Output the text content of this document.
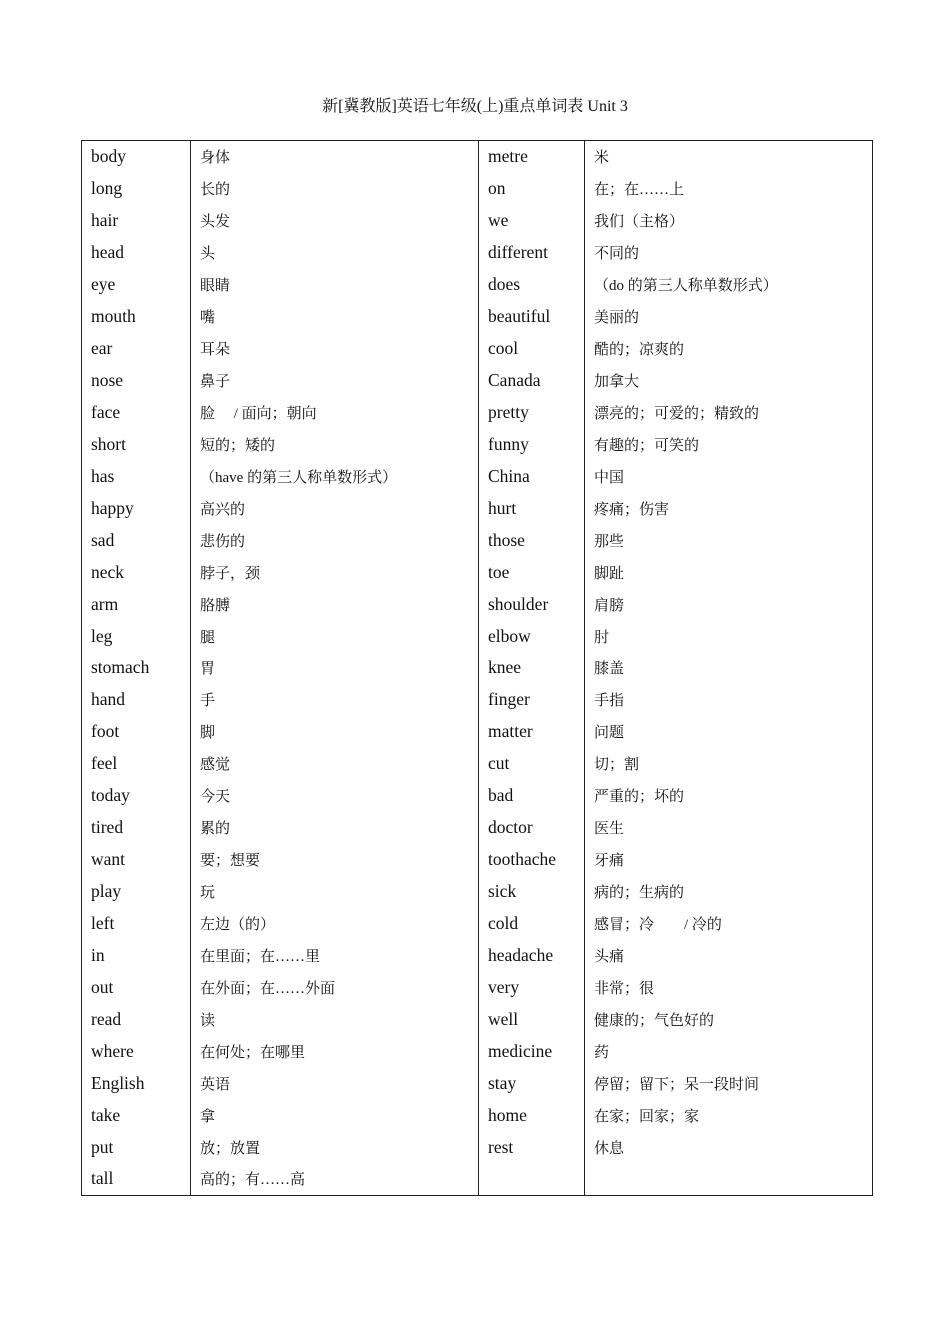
新[冀教版]英语七年级(上)重点单词表 Unit 3
body	身体	metre	米
long	长的	on	在；在……上
hair	头发	we	我们（主格）
head	头	different	不同的
eye	眼睛	does	（do 的第三人称单数形式）
mouth	嘴	beautiful	美丽的
ear	耳朵	cool	酷的；凉爽的
nose	鼻子	Canada	加拿大
face	脸　 / 面向；朝向	pretty	漂亮的；可爱的；精致的
short	短的；矮的	funny	有趣的；可笑的
has	（have 的第三人称单数形式）	China	中国
happy	高兴的	hurt	疼痛；伤害
sad	悲伤的	those	那些
neck	脖子，颈	toe	脚趾
arm	胳膊	shoulder	肩膀
leg	腿	elbow	肘
stomach	胃	knee	膝盖
hand	手	finger	手指
foot	脚	matter	问题
feel	感觉	cut	切；割
today	今天	bad	严重的；坏的
tired	累的	doctor	医生
want	要；想要	toothache	牙痛
play	玩	sick	病的；生病的
left	左边（的）	cold	感冒；冷　　/ 冷的
in	在里面；在……里	headache	头痛
out	在外面；在……外面	very	非常；很
read	读	well	健康的；气色好的
where	在何处；在哪里	medicine	药
English	英语	stay	停留；留下；呆一段时间
take	拿	home	在家；回家；家
put	放；放置	rest	休息
tall	高的；有……高		
